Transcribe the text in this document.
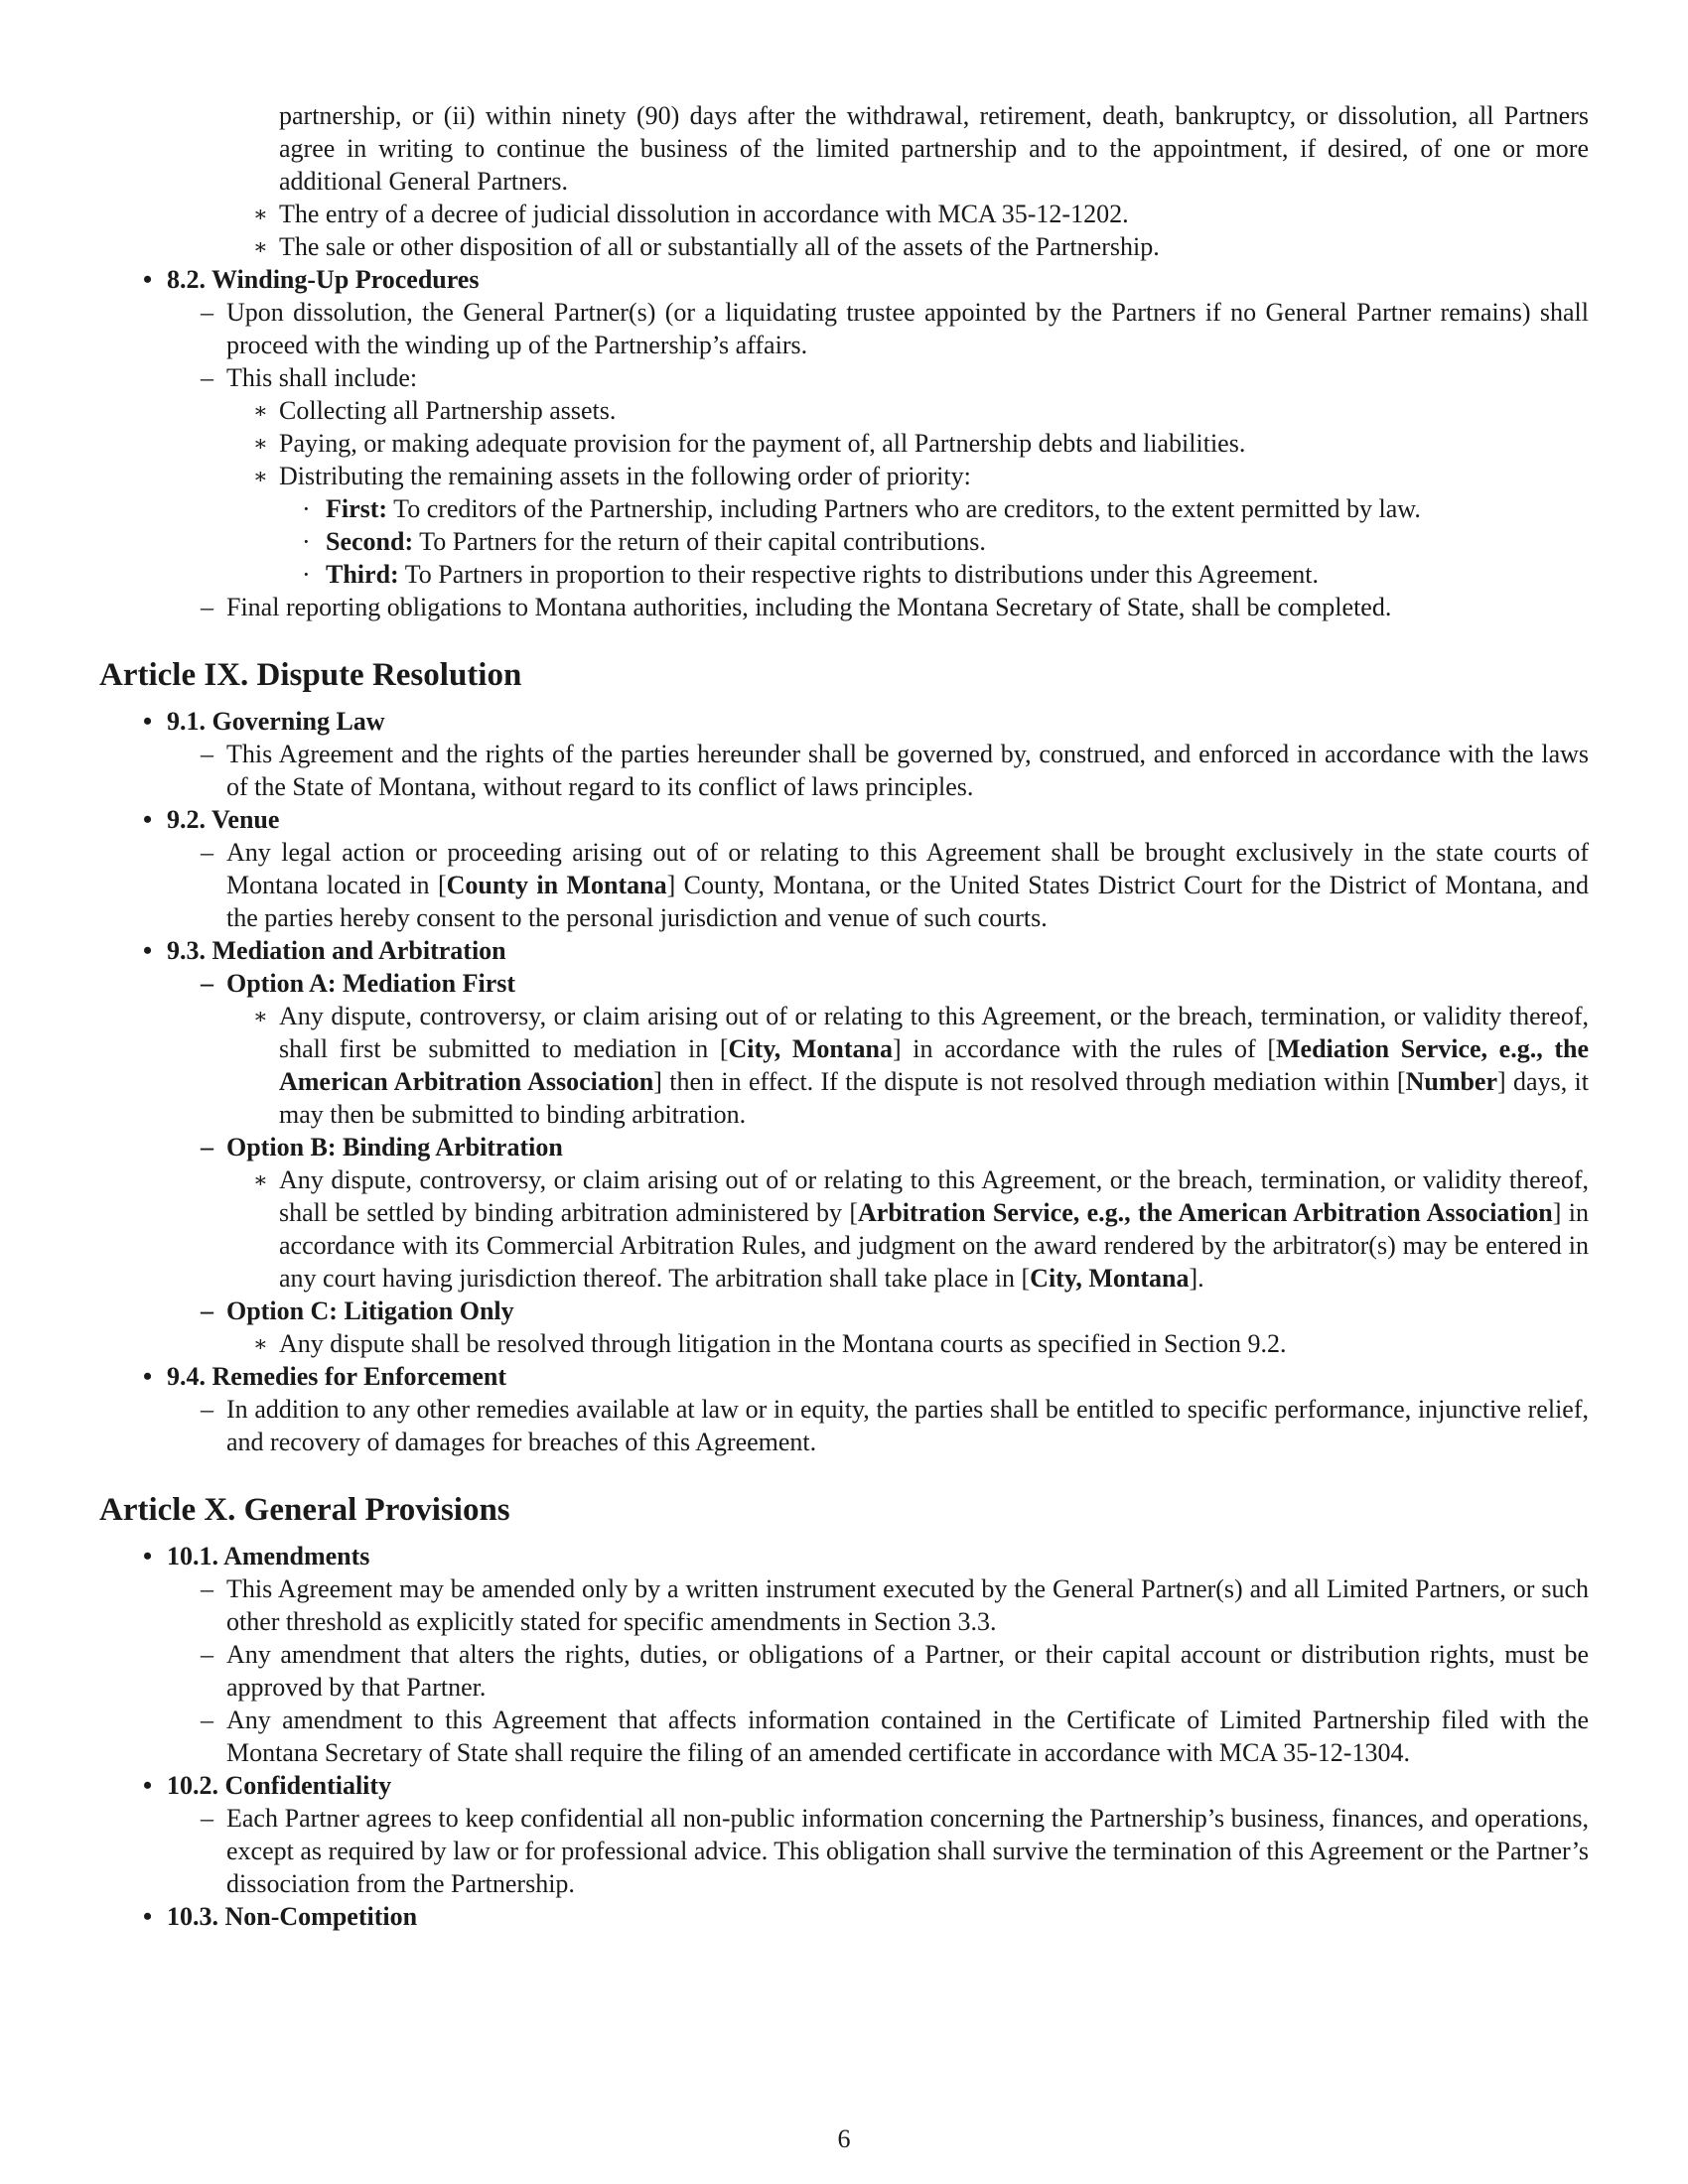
partnership, or (ii) within ninety (90) days after the withdrawal, retirement, death, bankruptcy, or dissolution, all Partners agree in writing to continue the business of the limited partnership and to the appointment, if desired, of one or more additional General Partners.
∗ The entry of a decree of judicial dissolution in accordance with MCA 35-12-1202.
∗ The sale or other disposition of all or substantially all of the assets of the Partnership.
• 8.2. Winding-Up Procedures
– Upon dissolution, the General Partner(s) (or a liquidating trustee appointed by the Partners if no General Partner remains) shall proceed with the winding up of the Partnership’s affairs.
– This shall include:
∗ Collecting all Partnership assets.
∗ Paying, or making adequate provision for the payment of, all Partnership debts and liabilities.
∗ Distributing the remaining assets in the following order of priority:
· First: To creditors of the Partnership, including Partners who are creditors, to the extent permitted by law.
· Second: To Partners for the return of their capital contributions.
· Third: To Partners in proportion to their respective rights to distributions under this Agreement.
– Final reporting obligations to Montana authorities, including the Montana Secretary of State, shall be completed.
Article IX. Dispute Resolution
• 9.1. Governing Law
– This Agreement and the rights of the parties hereunder shall be governed by, construed, and enforced in accordance with the laws of the State of Montana, without regard to its conflict of laws principles.
• 9.2. Venue
– Any legal action or proceeding arising out of or relating to this Agreement shall be brought exclusively in the state courts of Montana located in [County in Montana] County, Montana, or the United States District Court for the District of Montana, and the parties hereby consent to the personal jurisdiction and venue of such courts.
• 9.3. Mediation and Arbitration
– Option A: Mediation First
∗ Any dispute, controversy, or claim arising out of or relating to this Agreement, or the breach, termination, or validity thereof, shall first be submitted to mediation in [City, Montana] in accordance with the rules of [Mediation Service, e.g., the American Arbitration Association] then in effect. If the dispute is not resolved through mediation within [Number] days, it may then be submitted to binding arbitration.
– Option B: Binding Arbitration
∗ Any dispute, controversy, or claim arising out of or relating to this Agreement, or the breach, termination, or validity thereof, shall be settled by binding arbitration administered by [Arbitration Service, e.g., the American Arbitration Association] in accordance with its Commercial Arbitration Rules, and judgment on the award rendered by the arbitrator(s) may be entered in any court having jurisdiction thereof. The arbitration shall take place in [City, Montana].
– Option C: Litigation Only
∗ Any dispute shall be resolved through litigation in the Montana courts as specified in Section 9.2.
• 9.4. Remedies for Enforcement
– In addition to any other remedies available at law or in equity, the parties shall be entitled to specific performance, injunctive relief, and recovery of damages for breaches of this Agreement.
Article X. General Provisions
• 10.1. Amendments
– This Agreement may be amended only by a written instrument executed by the General Partner(s) and all Limited Partners, or such other threshold as explicitly stated for specific amendments in Section 3.3.
– Any amendment that alters the rights, duties, or obligations of a Partner, or their capital account or distribution rights, must be approved by that Partner.
– Any amendment to this Agreement that affects information contained in the Certificate of Limited Partnership filed with the Montana Secretary of State shall require the filing of an amended certificate in accordance with MCA 35-12-1304.
• 10.2. Confidentiality
– Each Partner agrees to keep confidential all non-public information concerning the Partnership’s business, finances, and operations, except as required by law or for professional advice. This obligation shall survive the termination of this Agreement or the Partner’s dissociation from the Partnership.
• 10.3. Non-Competition
6
